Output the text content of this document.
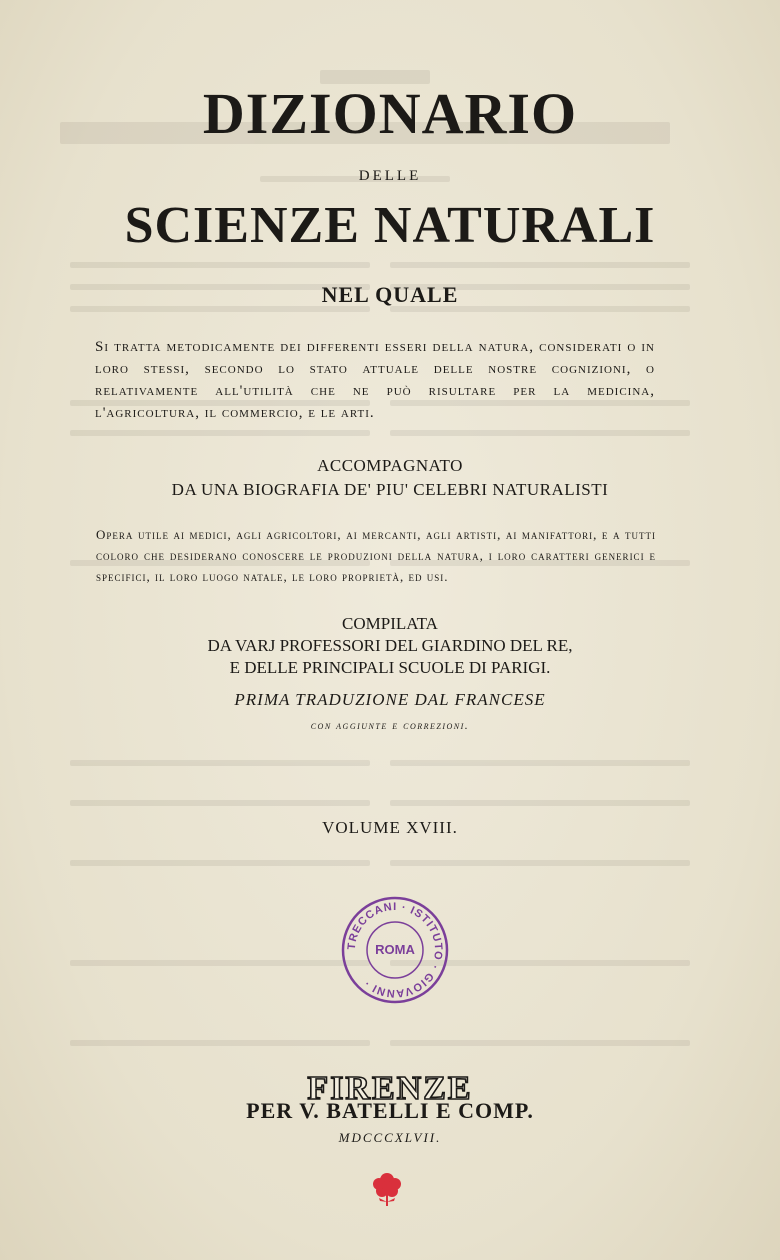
DIZIONARIO
DELLE
SCIENZE NATURALI
NEL QUALE
Si tratta metodicamente dei differenti esseri della natura, considerati o in loro stessi, secondo lo stato attuale delle nostre cognizioni, o relativamente all'utilità che ne può risultare per la medicina, l'agricoltura, il commercio, e le arti.
ACCOMPAGNATO
DA UNA BIOGRAFIA DE' PIU' CELEBRI NATURALISTI
Opera utile ai medici, agli agricoltori, ai mercanti, agli artisti, ai manifattori, e a tutti coloro che desiderano conoscere le produzioni della natura, i loro caratteri generici e specifici, il loro luogo natale, le loro proprietà, ed usi.
COMPILATA
DA VARJ PROFESSORI DEL GIARDINO DEL RE,
E DELLE PRINCIPALI SCUOLE DI PARIGI.
PRIMA TRADUZIONE DAL FRANCESE
con aggiunte e correzioni.
VOLUME XVIII.
TRECCANI · ISTITUTO · GIOVANNI ·
ROMA
FIRENZE
PER V. BATELLI E COMP.
MDCCCXLVII.
